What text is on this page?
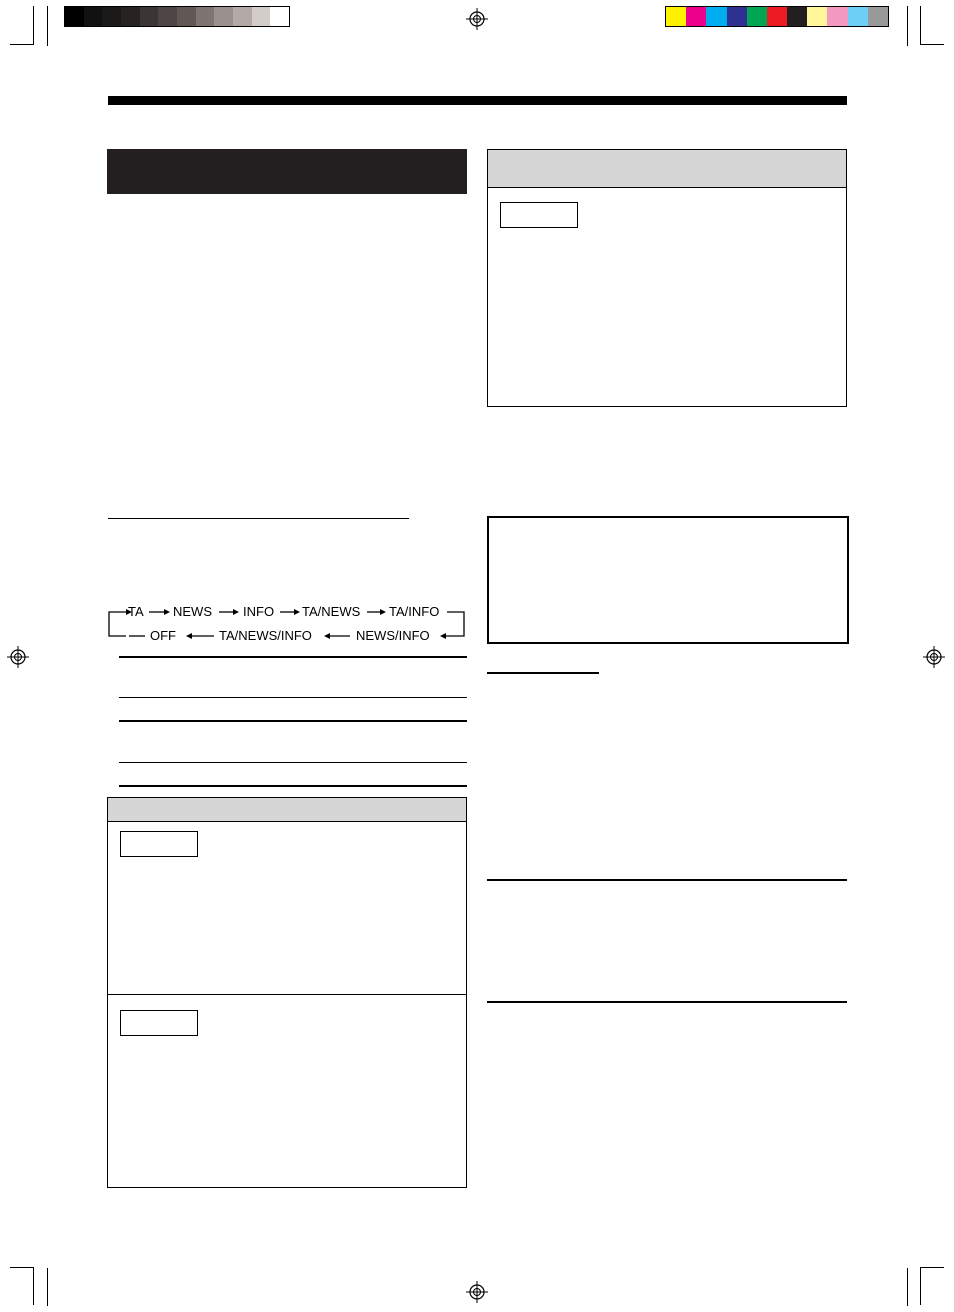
TA NEWS INFO TA/NEWS TA/INFO
OFF	TA/NEWS/INFO	NEWS/INFO
